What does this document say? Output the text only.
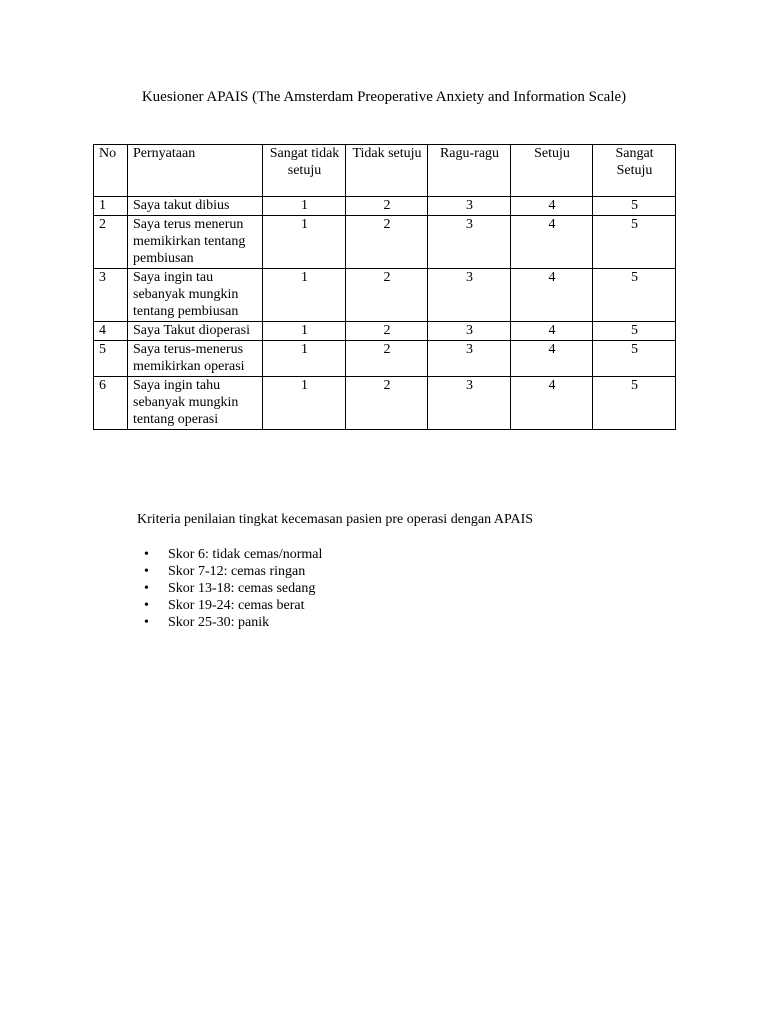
Kuesioner APAIS (The Amsterdam Preoperative Anxiety and Information Scale)
No	Pernyataan	Sangat tidak setuju	Tidak setuju	Ragu-ragu	Setuju	Sangat Setuju
1	Saya takut dibius	1	2	3	4	5
2	Saya terus menerun memikirkan tentang pembiusan	1	2	3	4	5
3	Saya ingin tau sebanyak mungkin tentang pembiusan	1	2	3	4	5
4	Saya Takut dioperasi	1	2	3	4	5
5	Saya terus-menerus memikirkan operasi	1	2	3	4	5
6	Saya ingin tahu sebanyak mungkin tentang operasi	1	2	3	4	5
Kriteria penilaian tingkat kecemasan pasien pre operasi dengan APAIS
• Skor 6: tidak cemas/normal
• Skor 7-12: cemas ringan
• Skor 13-18: cemas sedang
• Skor 19-24: cemas berat
• Skor 25-30: panik
